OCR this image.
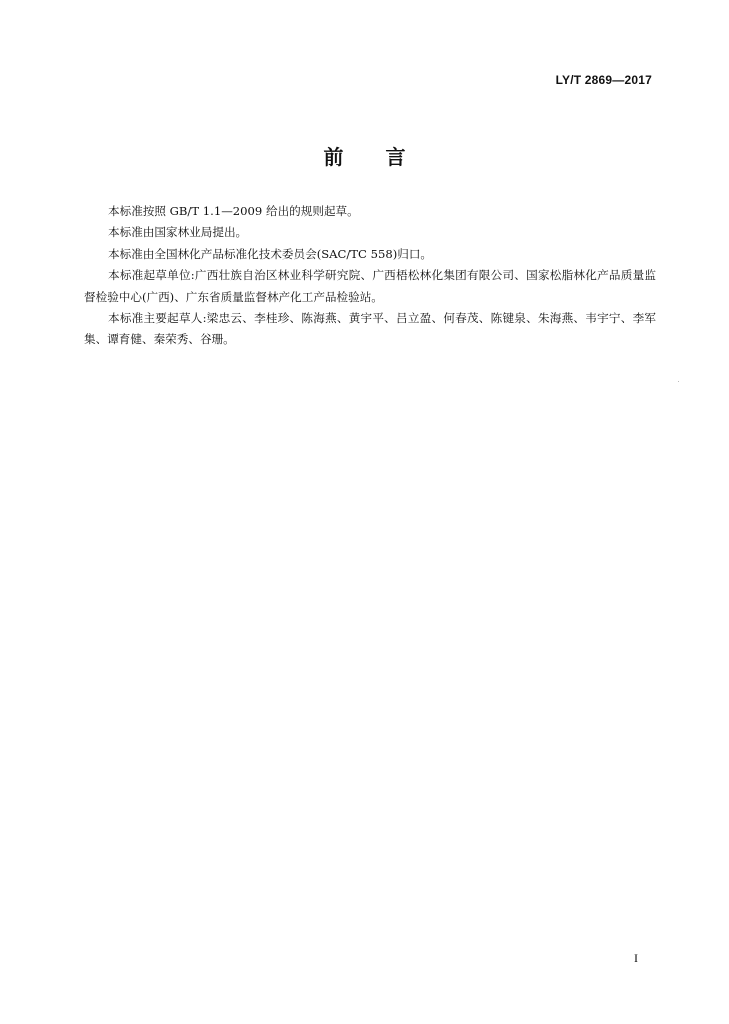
LY/T 2869—2017
前 言

本标准按照 GB/T 1.1—2009 给出的规则起草。

本标准由国家林业局提出。

本标准由全国林化产品标准化技术委员会(SAC/TC 558)归口。

本标准起草单位:广西壮族自治区林业科学研究院、广西梧松林化集团有限公司、国家松脂林化产品质量监督检验中心(广西)、广东省质量监督林产化工产品检验站。

本标准主要起草人:梁忠云、李桂珍、陈海燕、黄宇平、吕立盈、何春茂、陈键泉、朱海燕、韦宇宁、李军集、谭育健、秦荣秀、谷珊。

I
